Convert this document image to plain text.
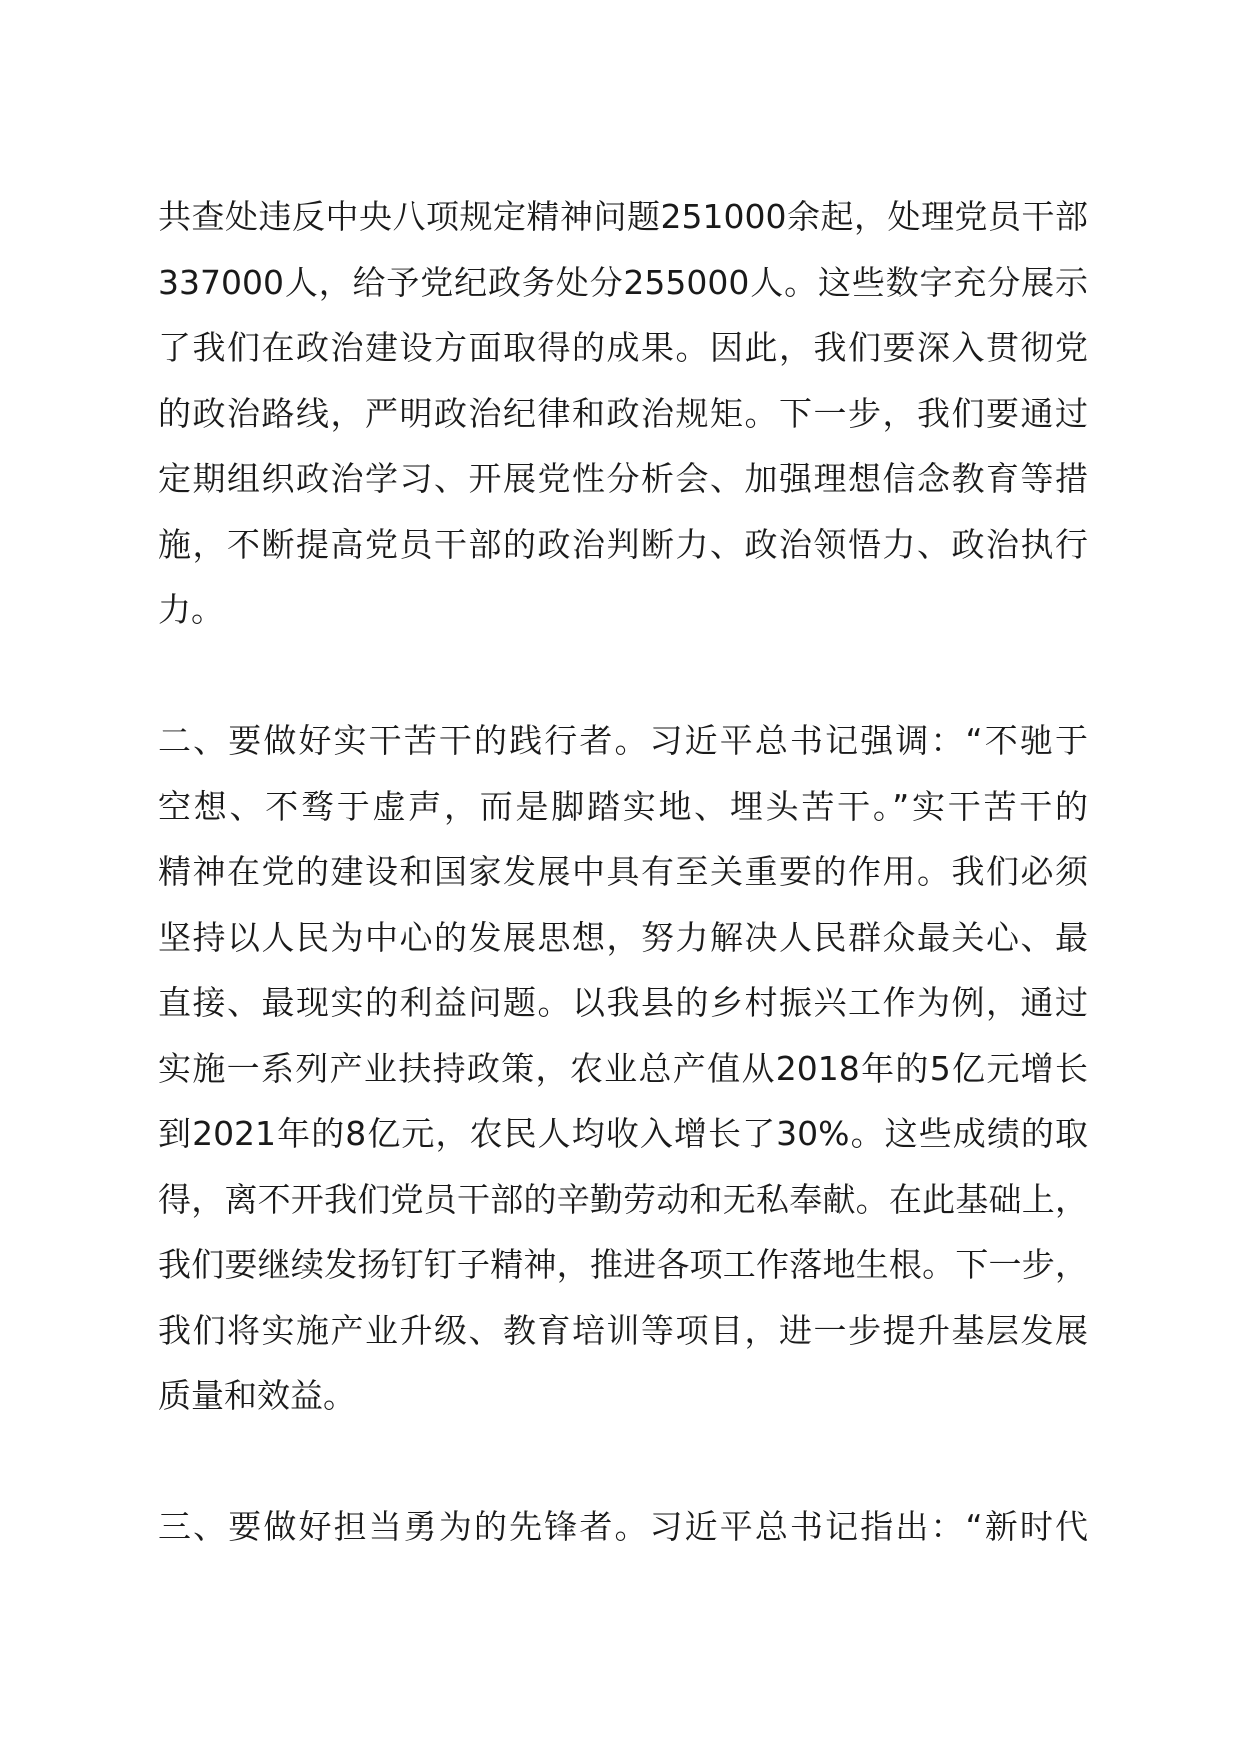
共查处违反中央八项规定精神问题251000余起，处理党员干部
337000人，给予党纪政务处分255000人。这些数字充分展示
了我们在政治建设方面取得的成果。因此，我们要深入贯彻党
的政治路线，严明政治纪律和政治规矩。下一步，我们要通过
定期组织政治学习、开展党性分析会、加强理想信念教育等措
施，不断提高党员干部的政治判断力、政治领悟力、政治执行
力。
二、要做好实干苦干的践行者。习近平总书记强调：“不驰于
空想、不骛于虚声，而是脚踏实地、埋头苦干。”实干苦干的
精神在党的建设和国家发展中具有至关重要的作用。我们必须
坚持以人民为中心的发展思想，努力解决人民群众最关心、最
直接、最现实的利益问题。以我县的乡村振兴工作为例，通过
实施一系列产业扶持政策，农业总产值从2018年的5亿元增长
到2021年的8亿元，农民人均收入增长了30%。这些成绩的取
得，离不开我们党员干部的辛勤劳动和无私奉献。在此基础上，
我们要继续发扬钉钉子精神，推进各项工作落地生根。下一步，
我们将实施产业升级、教育培训等项目，进一步提升基层发展
质量和效益。
三、要做好担当勇为的先锋者。习近平总书记指出：“新时代
